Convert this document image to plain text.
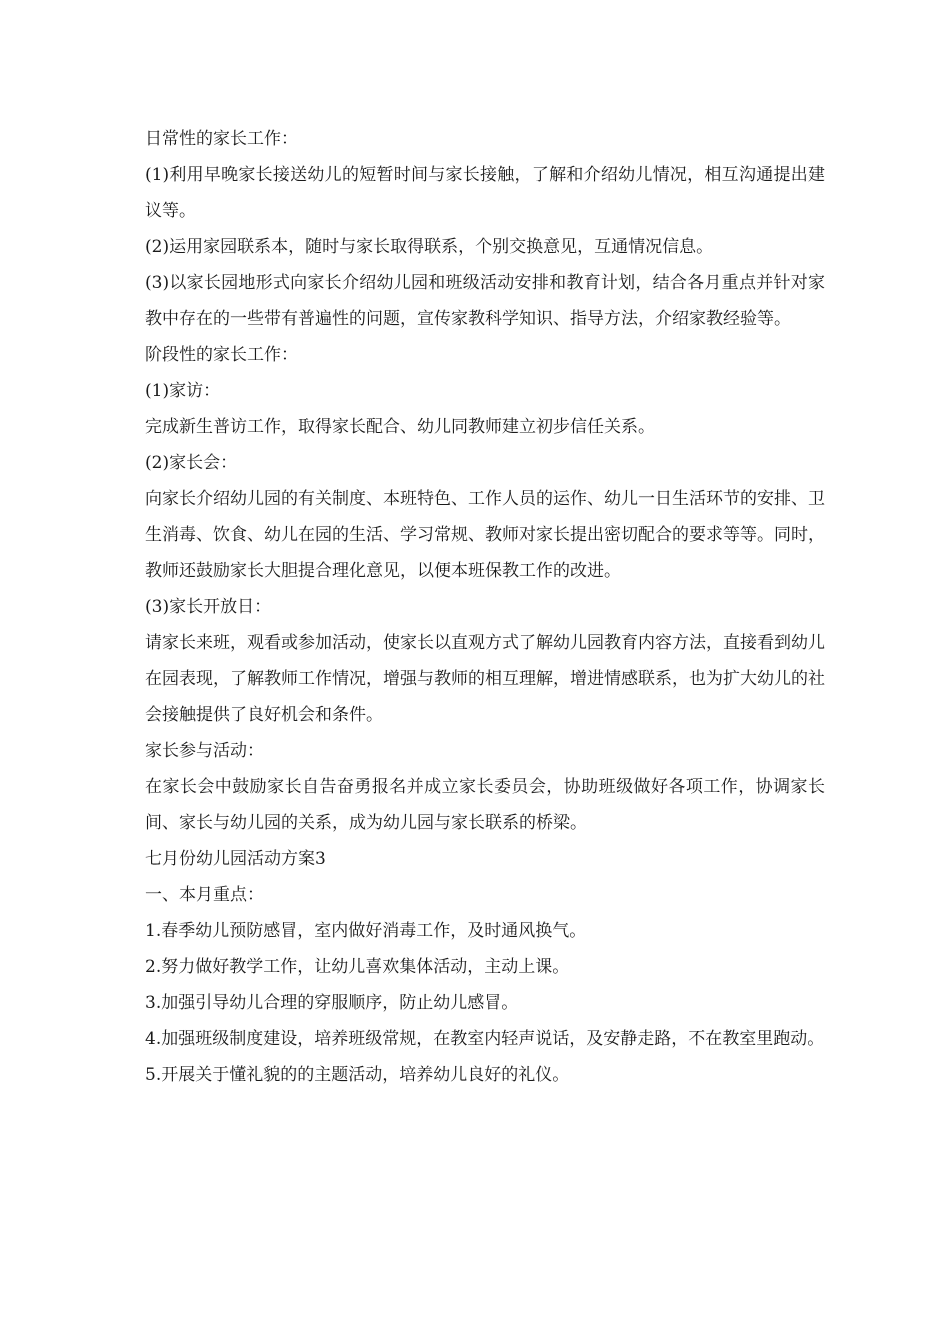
日常性的家长工作：

(1)利用早晚家长接送幼儿的短暂时间与家长接触，了解和介绍幼儿情况，相互沟通提出建议等。

(2)运用家园联系本，随时与家长取得联系，个别交换意见，互通情况信息。

(3)以家长园地形式向家长介绍幼儿园和班级活动安排和教育计划，结合各月重点并针对家教中存在的一些带有普遍性的问题，宣传家教科学知识、指导方法，介绍家教经验等。

阶段性的家长工作：

(1)家访：

完成新生普访工作，取得家长配合、幼儿同教师建立初步信任关系。

(2)家长会：

向家长介绍幼儿园的有关制度、本班特色、工作人员的运作、幼儿一日生活环节的安排、卫生消毒、饮食、幼儿在园的生活、学习常规、教师对家长提出密切配合的要求等等。同时，教师还鼓励家长大胆提合理化意见，以便本班保教工作的改进。

(3)家长开放日：

请家长来班，观看或参加活动，使家长以直观方式了解幼儿园教育内容方法，直接看到幼儿在园表现，了解教师工作情况，增强与教师的相互理解，增进情感联系，也为扩大幼儿的社会接触提供了良好机会和条件。

家长参与活动：

在家长会中鼓励家长自告奋勇报名并成立家长委员会，协助班级做好各项工作，协调家长间、家长与幼儿园的关系，成为幼儿园与家长联系的桥梁。

七月份幼儿园活动方案3

一、本月重点：

1.春季幼儿预防感冒，室内做好消毒工作，及时通风换气。

2.努力做好教学工作，让幼儿喜欢集体活动，主动上课。

3.加强引导幼儿合理的穿服顺序，防止幼儿感冒。

4.加强班级制度建设，培养班级常规，在教室内轻声说话，及安静走路，不在教室里跑动。

5.开展关于懂礼貌的的主题活动，培养幼儿良好的礼仪。
